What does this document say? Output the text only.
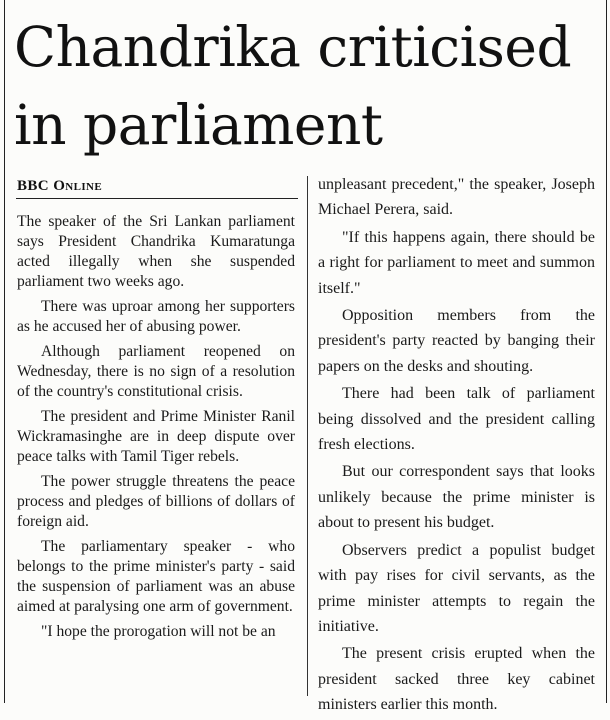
Chandrika criticised in parliament
BBC Online

The speaker of the Sri Lankan parliament says President Chandrika Kumaratunga acted illegally when she suspended parliament two weeks ago.

There was uproar among her supporters as he accused her of abusing power.

Although parliament reopened on Wednesday, there is no sign of a resolution of the country's constitutional crisis.

The president and Prime Minister Ranil Wickramasinghe are in deep dispute over peace talks with Tamil Tiger rebels.

The power struggle threatens the peace process and pledges of billions of dollars of foreign aid.

The parliamentary speaker - who belongs to the prime minister's party - said the suspension of parliament was an abuse aimed at paralysing one arm of government.

"I hope the prorogation will not be an

unpleasant precedent," the speaker, Joseph Michael Perera, said.

"If this happens again, there should be a right for parliament to meet and summon itself."

Opposition members from the president's party reacted by banging their papers on the desks and shouting.

There had been talk of parliament being dissolved and the president calling fresh elections.

But our correspondent says that looks unlikely because the prime minister is about to present his budget.

Observers predict a populist budget with pay rises for civil servants, as the prime minister attempts to regain the initiative.

The present crisis erupted when the president sacked three key cabinet ministers earlier this month.
